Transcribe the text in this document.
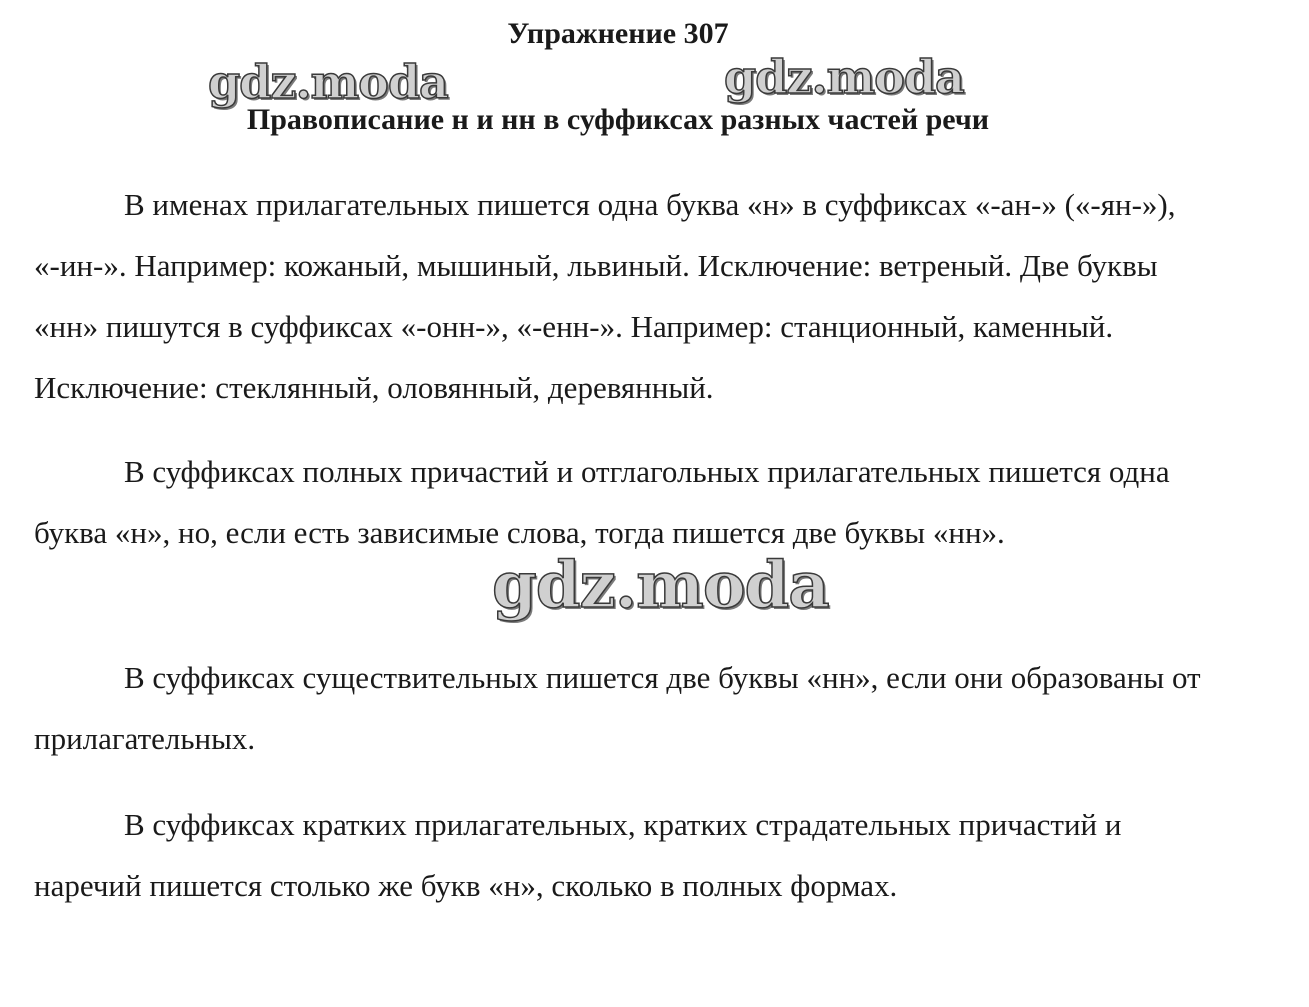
Упражнение 307
Правописание н и нн в суффиксах разных частей речи

В именах прилагательных пишется одна буква «н» в суффиксах «-ан-» («-ян-»), «-ин-». Например: кожаный, мышиный, львиный. Исключение: ветреный. Две буквы «нн» пишутся в суффиксах «-онн-», «-енн-». Например: станционный, каменный. Исключение: стеклянный, оловянный, деревянный.

В суффиксах полных причастий и отглагольных прилагательных пишется одна буква «н», но, если есть зависимые слова, тогда пишется две буквы «нн».

В суффиксах существительных пишется две буквы «нн», если они образованы от прилагательных.

В суффиксах кратких прилагательных, кратких страдательных причастий и наречий пишется столько же букв «н», сколько в полных формах.

gdz.moda	gdz.moda
gdz.moda
